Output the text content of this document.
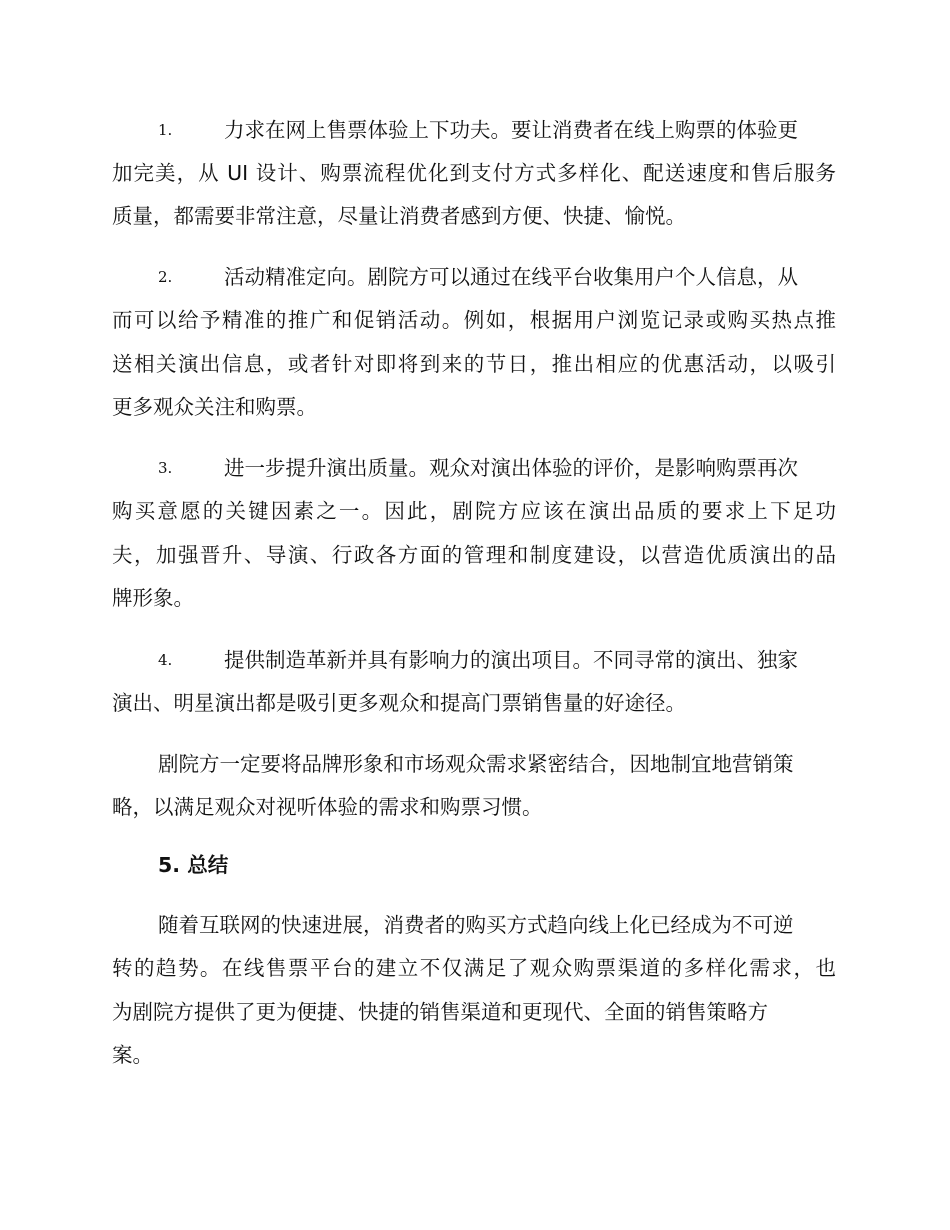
1.	力求在网上售票体验上下功夫。要让消费者在线上购票的体验更
加完美，从 UI 设计、购票流程优化到支付方式多样化、配送速度和售后服务
质量，都需要非常注意，尽量让消费者感到方便、快捷、愉悦。
2.	活动精准定向。剧院方可以通过在线平台收集用户个人信息，从
而可以给予精准的推广和促销活动。例如，根据用户浏览记录或购买热点推
送相关演出信息，或者针对即将到来的节日，推出相应的优惠活动，以吸引
更多观众关注和购票。
3.	进一步提升演出质量。观众对演出体验的评价，是影响购票再次
购买意愿的关键因素之一。因此，剧院方应该在演出品质的要求上下足功
夫，加强晋升、导演、行政各方面的管理和制度建设，以营造优质演出的品
牌形象。
4.	提供制造革新并具有影响力的演出项目。不同寻常的演出、独家
演出、明星演出都是吸引更多观众和提高门票销售量的好途径。
剧院方一定要将品牌形象和市场观众需求紧密结合，因地制宜地营销策
略，以满足观众对视听体验的需求和购票习惯。
5. 总结
随着互联网的快速进展，消费者的购买方式趋向线上化已经成为不可逆
转的趋势。在线售票平台的建立不仅满足了观众购票渠道的多样化需求，也
为剧院方提供了更为便捷、快捷的销售渠道和更现代、全面的销售策略方
案。
